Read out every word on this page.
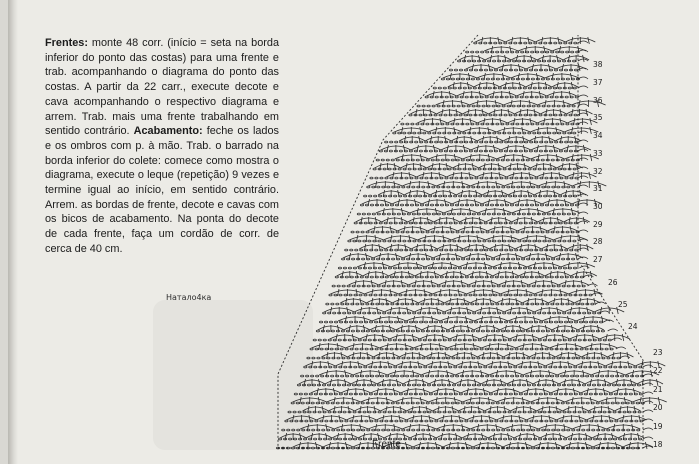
Frentes: monte 48 corr. (início = seta na borda inferior do ponto das costas) para uma frente e trab. acompanhando o diagrama do ponto das costas. A partir da 22 carr., execute decote e cava acompanhando o respectivo diagrama e arrem. Trab. mais uma frente trabalhando em sentido contrário. Acabamento: feche os lados e os ombros com p. à mão. Trab. o barrado na borda inferior do colete: comece como mostra o diagrama, execute o leque (repetição) 9 vezes e termine igual ao início, em sentido contrário. Arrem. as bordas de frente, decote e cavas com os bicos de acabamento. Na ponta do decote de cada frente, faça um cordão de corr. de cerca de 40 cm.

Натало4ка
18
19
20
21
22
23
24
25
26
27
28
29
30
31
32
33
34
35
36
37
38
Frente
